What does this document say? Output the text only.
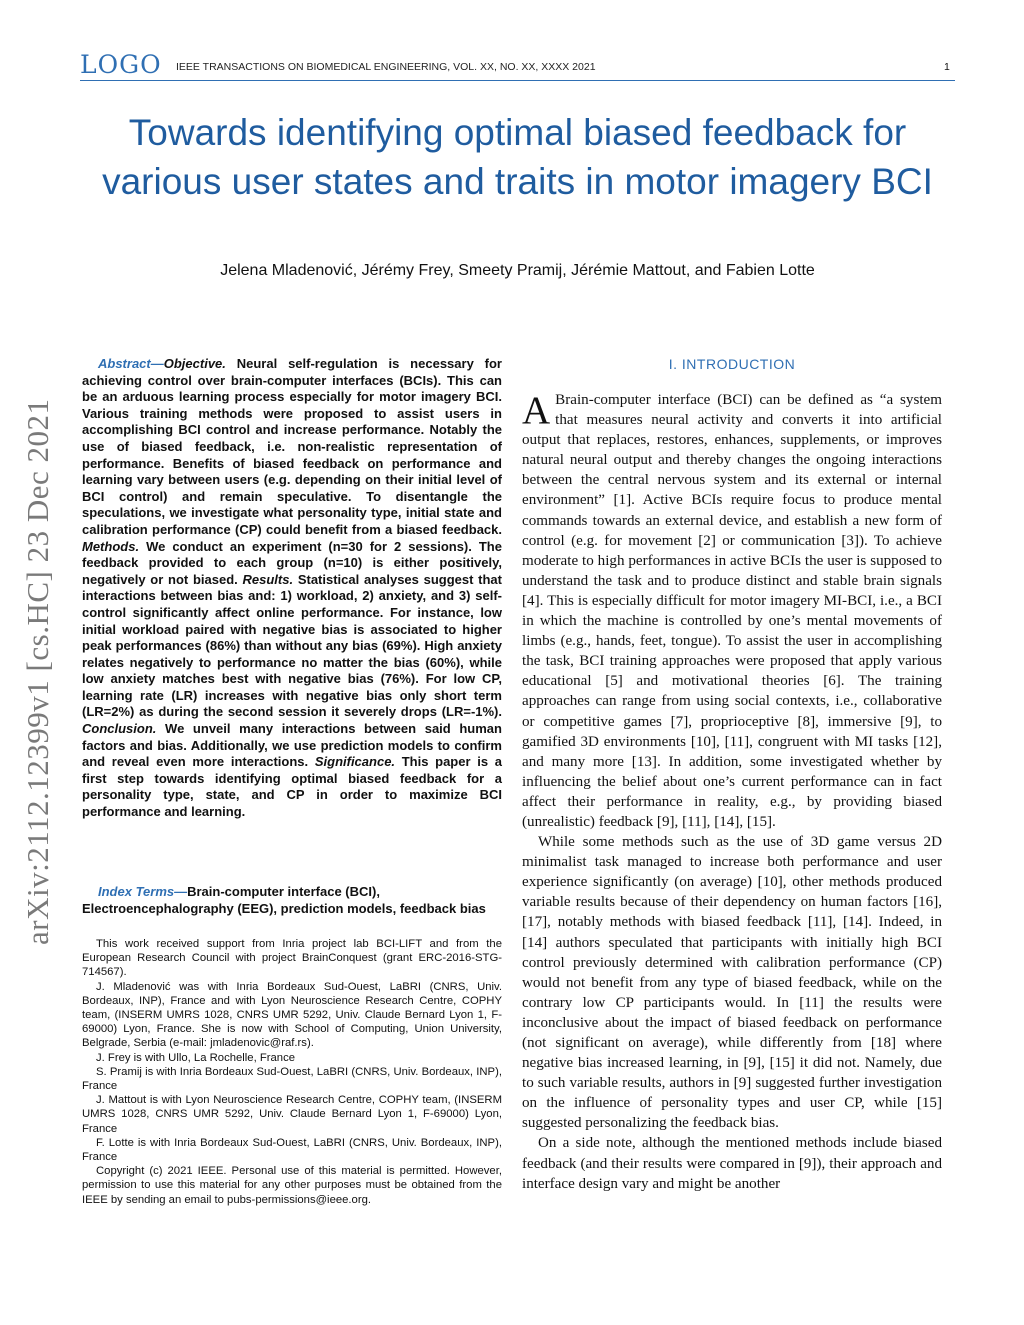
LOGO IEEE TRANSACTIONS ON BIOMEDICAL ENGINEERING, VOL. XX, NO. XX, XXXX 2021	1
Towards identifying optimal biased feedback for various user states and traits in motor imagery BCI
Jelena Mladenović, Jérémy Frey, Smeety Pramij, Jérémie Mattout, and Fabien Lotte
arXiv:2112.12399v1 [cs.HC] 23 Dec 2021
Abstract—Objective. Neural self-regulation is necessary for achieving control over brain-computer interfaces (BCIs). This can be an arduous learning process especially for motor imagery BCI. Various training methods were proposed to assist users in accomplishing BCI control and increase performance. Notably the use of biased feedback, i.e. non-realistic representation of performance. Benefits of biased feedback on performance and learning vary between users (e.g. depending on their initial level of BCI control) and remain speculative. To disentangle the speculations, we investigate what personality type, initial state and calibration performance (CP) could benefit from a biased feedback. Methods. We conduct an experiment (n=30 for 2 sessions). The feedback provided to each group (n=10) is either positively, negatively or not biased. Results. Statistical analyses suggest that interactions between bias and: 1) workload, 2) anxiety, and 3) self-control significantly affect online performance. For instance, low initial workload paired with negative bias is associated to higher peak performances (86%) than without any bias (69%). High anxiety relates negatively to performance no matter the bias (60%), while low anxiety matches best with negative bias (76%). For low CP, learning rate (LR) increases with negative bias only short term (LR=2%) as during the second session it severely drops (LR=-1%). Conclusion. We unveil many interactions between said human factors and bias. Additionally, we use prediction models to confirm and reveal even more interactions. Significance. This paper is a first step towards identifying optimal biased feedback for a personality type, state, and CP in order to maximize BCI performance and learning.
Index Terms—Brain-computer interface (BCI), Electroencephalography (EEG), prediction models, feedback bias

This work received support from Inria project lab BCI-LIFT and from the European Research Council with project BrainConquest (grant ERC-2016-STG-714567).

J. Mladenović was with Inria Bordeaux Sud-Ouest, LaBRI (CNRS, Univ. Bordeaux, INP), France and with Lyon Neuroscience Research Centre, COPHY team, (INSERM UMRS 1028, CNRS UMR 5292, Univ. Claude Bernard Lyon 1, F-69000) Lyon, France. She is now with School of Computing, Union University, Belgrade, Serbia (e-mail: jmladenovic@raf.rs).

J. Frey is with Ullo, La Rochelle, France

S. Pramij is with Inria Bordeaux Sud-Ouest, LaBRI (CNRS, Univ. Bordeaux, INP), France

J. Mattout is with Lyon Neuroscience Research Centre, COPHY team, (INSERM UMRS 1028, CNRS UMR 5292, Univ. Claude Bernard Lyon 1, F-69000) Lyon, France

F. Lotte is with Inria Bordeaux Sud-Ouest, LaBRI (CNRS, Univ. Bordeaux, INP), France

Copyright (c) 2021 IEEE. Personal use of this material is permitted. However, permission to use this material for any other purposes must be obtained from the IEEE by sending an email to pubs-permissions@ieee.org.

I. INTRODUCTION

A Brain-computer interface (BCI) can be defined as “a system that measures neural activity and converts it into artificial output that replaces, restores, enhances, supplements, or improves natural neural output and thereby changes the ongoing interactions between the central nervous system and its external or internal environment” [1]. Active BCIs require focus to produce mental commands towards an external device, and establish a new form of control (e.g. for movement [2] or communication [3]). To achieve moderate to high performances in active BCIs the user is supposed to understand the task and to produce distinct and stable brain signals [4]. This is especially difficult for motor imagery MI-BCI, i.e., a BCI in which the machine is controlled by one’s mental movements of limbs (e.g., hands, feet, tongue). To assist the user in accomplishing the task, BCI training approaches were proposed that apply various educational [5] and motivational theories [6]. The training approaches can range from using social contexts, i.e., collaborative or competitive games [7], proprioceptive [8], immersive [9], to gamified 3D environments [10], [11], congruent with MI tasks [12], and many more [13]. In addition, some investigated whether by influencing the belief about one’s current performance can in fact affect their performance in reality, e.g., by providing biased (unrealistic) feedback [9], [11], [14], [15].

While some methods such as the use of 3D game versus 2D minimalist task managed to increase both performance and user experience significantly (on average) [10], other methods produced variable results because of their dependency on human factors [16], [17], notably methods with biased feedback [11], [14]. Indeed, in [14] authors speculated that participants with initially high BCI control previously determined with calibration performance (CP) would not benefit from any type of biased feedback, while on the contrary low CP participants would. In [11] the results were inconclusive about the impact of biased feedback on performance (not significant on average), while differently from [18] where negative bias increased learning, in [9], [15] it did not. Namely, due to such variable results, authors in [9] suggested further investigation on the influence of personality types and user CP, while [15] suggested personalizing the feedback bias.

On a side note, although the mentioned methods include biased feedback (and their results were compared in [9]), their approach and interface design vary and might be another
